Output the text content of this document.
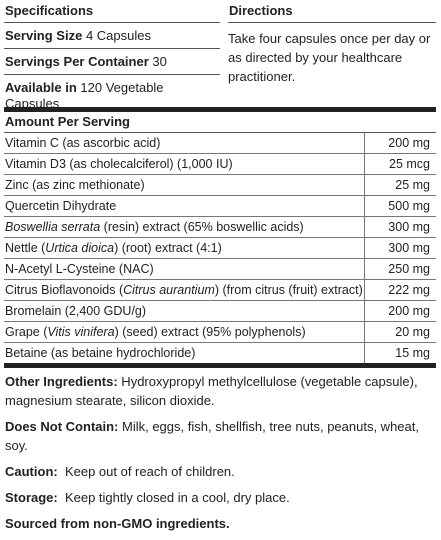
Specifications
Serving Size 4 Capsules
Servings Per Container 30
Available in 120 Vegetable Capsules
Directions
Take four capsules once per day or as directed by your healthcare practitioner.
Amount Per Serving
Vitamin C (as ascorbic acid)	200 mg
Vitamin D3 (as cholecalciferol) (1,000 IU)	25 mcg
Zinc (as zinc methionate)	25 mg
Quercetin Dihydrate	500 mg
Boswellia serrata (resin) extract (65% boswellic acids)	300 mg
Nettle (Urtica dioica) (root) extract (4:1)	300 mg
N-Acetyl L-Cysteine (NAC)	250 mg
Citrus Bioflavonoids (Citrus aurantium) (from citrus (fruit) extract)	222 mg
Bromelain (2,400 GDU/g)	200 mg
Grape (Vitis vinifera) (seed) extract (95% polyphenols)	20 mg
Betaine (as betaine hydrochloride)	15 mg

Other Ingredients: Hydroxypropyl methylcellulose (vegetable capsule), magnesium stearate, silicon dioxide.

Does Not Contain: Milk, eggs, fish, shellfish, tree nuts, peanuts, wheat, soy.

Caution:  Keep out of reach of children.

Storage:  Keep tightly closed in a cool, dry place.

Sourced from non-GMO ingredients.
